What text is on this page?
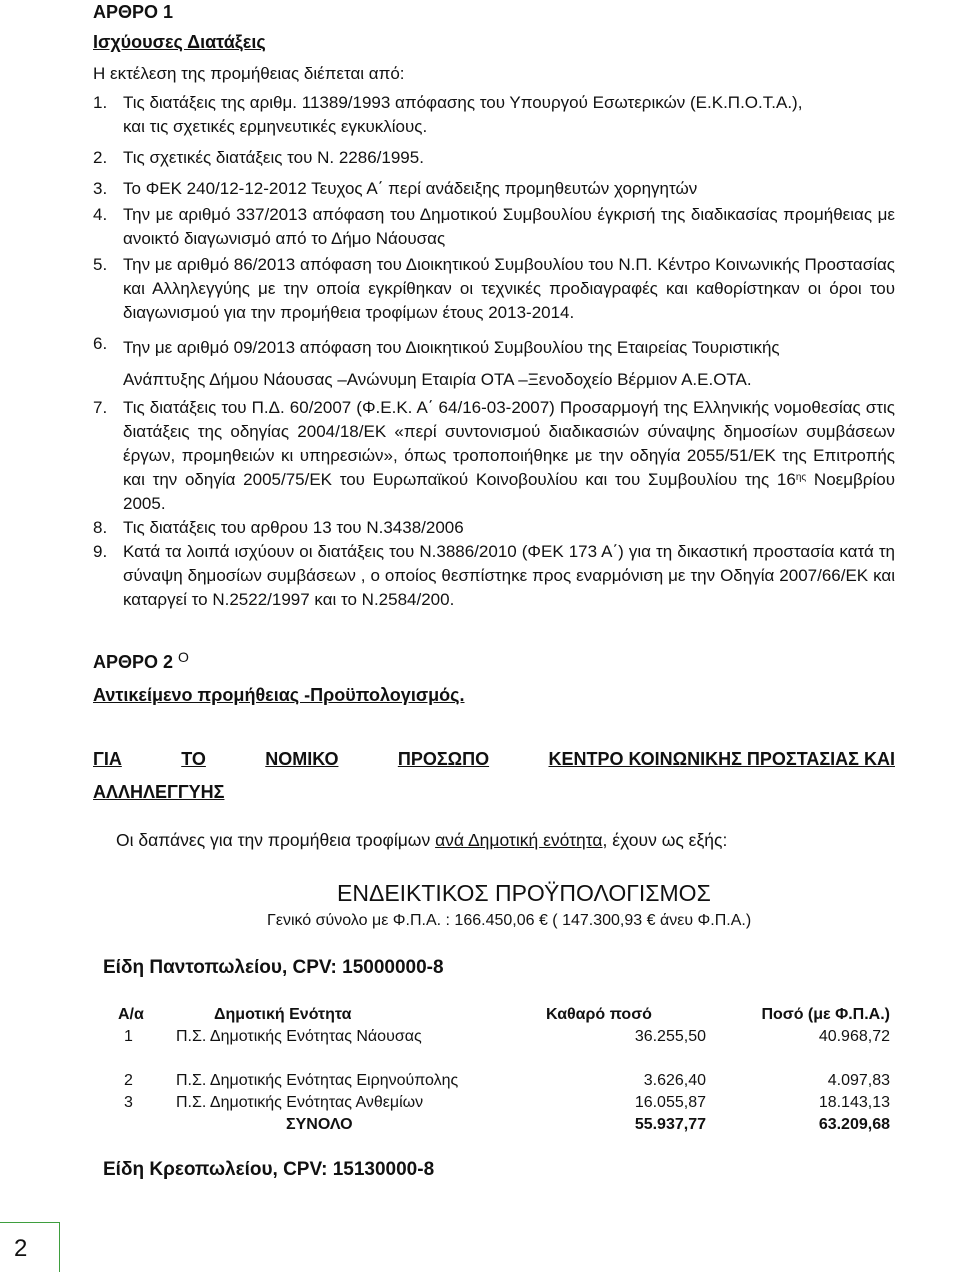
ΑΡΘΡΟ 1
Ισχύουσες Διατάξεις
Η εκτέλεση της προμήθειας διέπεται από:
1. Τις διατάξεις της αριθμ. 11389/1993 απόφασης του Υπουργού Εσωτερικών (Ε.Κ.Π.Ο.Τ.Α.),
και τις σχετικές ερμηνευτικές εγκυκλίους.
2. Τις σχετικές διατάξεις του Ν. 2286/1995.
3. Το ΦΕΚ 240/12-12-2012 Τευχος Α΄ περί ανάδειξης προμηθευτών χορηγητών
4. Την με αριθμό 337/2013 απόφαση του Δημοτικού Συμβουλίου έγκρισή της διαδικασίας προμήθειας με ανοικτό διαγωνισμό από το Δήμο Νάουσας
5. Την με αριθμό 86/2013 απόφαση του Διοικητικού Συμβουλίου του Ν.Π. Κέντρο Κοινωνικής Προστασίας και Αλληλεγγύης με την οποία εγκρίθηκαν οι τεχνικές προδιαγραφές και καθορίστηκαν οι όροι του διαγωνισμού για την προμήθεια τροφίμων έτους 2013-2014.
6. Την με αριθμό 09/2013 απόφαση του Διοικητικού Συμβουλίου της Εταιρείας Τουριστικής
Ανάπτυξης Δήμου Νάουσας –Ανώνυμη Εταιρία ΟΤΑ –Ξενοδοχείο Βέρμιον Α.Ε.ΟΤΑ.
7. Τις διατάξεις του Π.Δ. 60/2007 (Φ.Ε.Κ. Α΄ 64/16-03-2007) Προσαρμογή της Ελληνικής νομοθεσίας στις διατάξεις της οδηγίας 2004/18/ΕΚ «περί συντονισμού διαδικασιών σύναψης δημοσίων συμβάσεων έργων, προμηθειών κι υπηρεσιών», όπως τροποποιήθηκε με την οδηγία 2055/51/ΕΚ της Επιτροπής και την οδηγία 2005/75/ΕΚ του Ευρωπαϊκού Κοινοβουλίου και του Συμβουλίου της $16^{\eta\varsigma}$ Νοεμβρίου 2005.
8. Τις διατάξεις του αρθρου 13 του Ν.3438/2006
9. Κατά τα λοιπά ισχύουν οι διατάξεις του Ν.3886/2010 (ΦΕΚ 173 Α΄) για τη δικαστική προστασία κατά τη σύναψη δημοσίων συμβάσεων , ο οποίος θεσπίστηκε προς εναρμόνιση με την Οδηγία 2007/66/ΕΚ και καταργεί το Ν.2522/1997 και το Ν.2584/200.
ΑΡΘΡΟ 2 $^O$
Αντικείμενο προμήθειας -Προϋπολογισμός.
ΓΙΑ	ΤΟ	ΝΟΜΙΚΟ	ΠΡΟΣΩΠΟ	ΚΕΝΤΡΟ ΚΟΙΝΩΝΙΚΗΣ ΠΡΟΣΤΑΣΙΑΣ ΚΑΙ
ΑΛΛΗΛΕΓΓΥΗΣ
Οι δαπάνες για την προμήθεια τροφίμων ανά Δημοτική ενότητα, έχουν ως εξής:
ΕΝΔΕΙΚΤΙΚΟΣ ΠΡΟΫΠΟΛΟΓΙΣΜΟΣ
Γενικό σύνολο με Φ.Π.Α. : 166.450,06 € ( 147.300,93 € άνευ Φ.Π.Α.)
Είδη Παντοπωλείου, CPV: 15000000-8
Α/α	Δημοτική Ενότητα	Καθαρό ποσό	Ποσό (με Φ.Π.Α.)
1	Π.Σ. Δημοτικής Ενότητας Νάουσας	36.255,50	40.968,72

2	Π.Σ. Δημοτικής Ενότητας Ειρηνούπολης	3.626,40	4.097,83
3	Π.Σ. Δημοτικής Ενότητας Ανθεμίων	16.055,87	18.143,13
	ΣΥΝΟΛΟ	55.937,77	63.209,68
Είδη Κρεοπωλείου, CPV: 15130000-8
2
